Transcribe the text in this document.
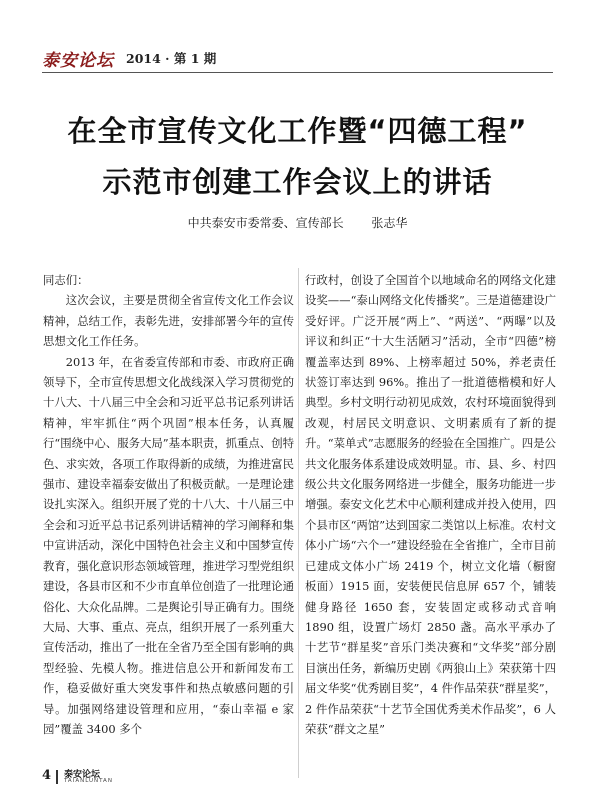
泰安论坛 2014 · 第 1 期
在全市宣传文化工作暨“四德工程”
示范市创建工作会议上的讲话
中共泰安市委常委、宣传部长 张志华

同志们：

这次会议，主要是贯彻全省宣传文化工作会议精神，总结工作，表彰先进，安排部署今年的宣传思想文化工作任务。

2013 年，在省委宣传部和市委、市政府正确领导下，全市宣传思想文化战线深入学习贯彻党的十八大、十八届三中全会和习近平总书记系列讲话精神，牢牢抓住“两个巩固”根本任务，认真履行“围绕中心、服务大局”基本职责，抓重点、创特色、求实效，各项工作取得新的成绩，为推进富民强市、建设幸福泰安做出了积极贡献。一是理论建设扎实深入。组织开展了党的十八大、十八届三中全会和习近平总书记系列讲话精神的学习阐释和集中宣讲活动，深化中国特色社会主义和中国梦宣传教育，强化意识形态领域管理，推进学习型党组织建设，各县市区和不少市直单位创造了一批理论通俗化、大众化品牌。二是舆论引导正确有力。围绕大局、大事、重点、亮点，组织开展了一系列重大宣传活动，推出了一批在全省乃至全国有影响的典型经验、先模人物。推进信息公开和新闻发布工作，稳妥做好重大突发事件和热点敏感问题的引导。加强网络建设管理和应用，“泰山幸福 e 家园”覆盖 3400 多个

行政村，创设了全国首个以地域命名的网络文化建设奖——“泰山网络文化传播奖”。三是道德建设广受好评。广泛开展“两上”、“两送”、“两曝”以及评议和纠正“十大生活陋习”活动，全市“四德”榜覆盖率达到 89%、上榜率超过 50%，养老责任状签订率达到 96%。推出了一批道德楷模和好人典型。乡村文明行动初见成效，农村环境面貌得到改观，村居民文明意识、文明素质有了新的提升。“菜单式”志愿服务的经验在全国推广。四是公共文化服务体系建设成效明显。市、县、乡、村四级公共文化服务网络进一步健全，服务功能进一步增强。泰安文化艺术中心顺利建成并投入使用，四个县市区“两馆”达到国家二类馆以上标准。农村文体小广场“六个一”建设经验在全省推广，全市目前已建成文体小广场 2419 个，树立文化墙（橱窗板面）1915 面，安装便民信息屏 657 个，铺装健身路径 1650 套，安装固定或移动式音响 1890 组，设置广场灯 2850 盏。高水平承办了十艺节“群星奖”音乐门类决赛和“文华奖”部分剧目演出任务，新编历史剧《两狼山上》荣获第十四届文华奖“优秀剧目奖”，4 件作品荣获“群星奖”，2 件作品荣获“十艺节全国优秀美术作品奖”，6 人荣获“群文之星”

4 泰安论坛
TAIANLUNTAN
